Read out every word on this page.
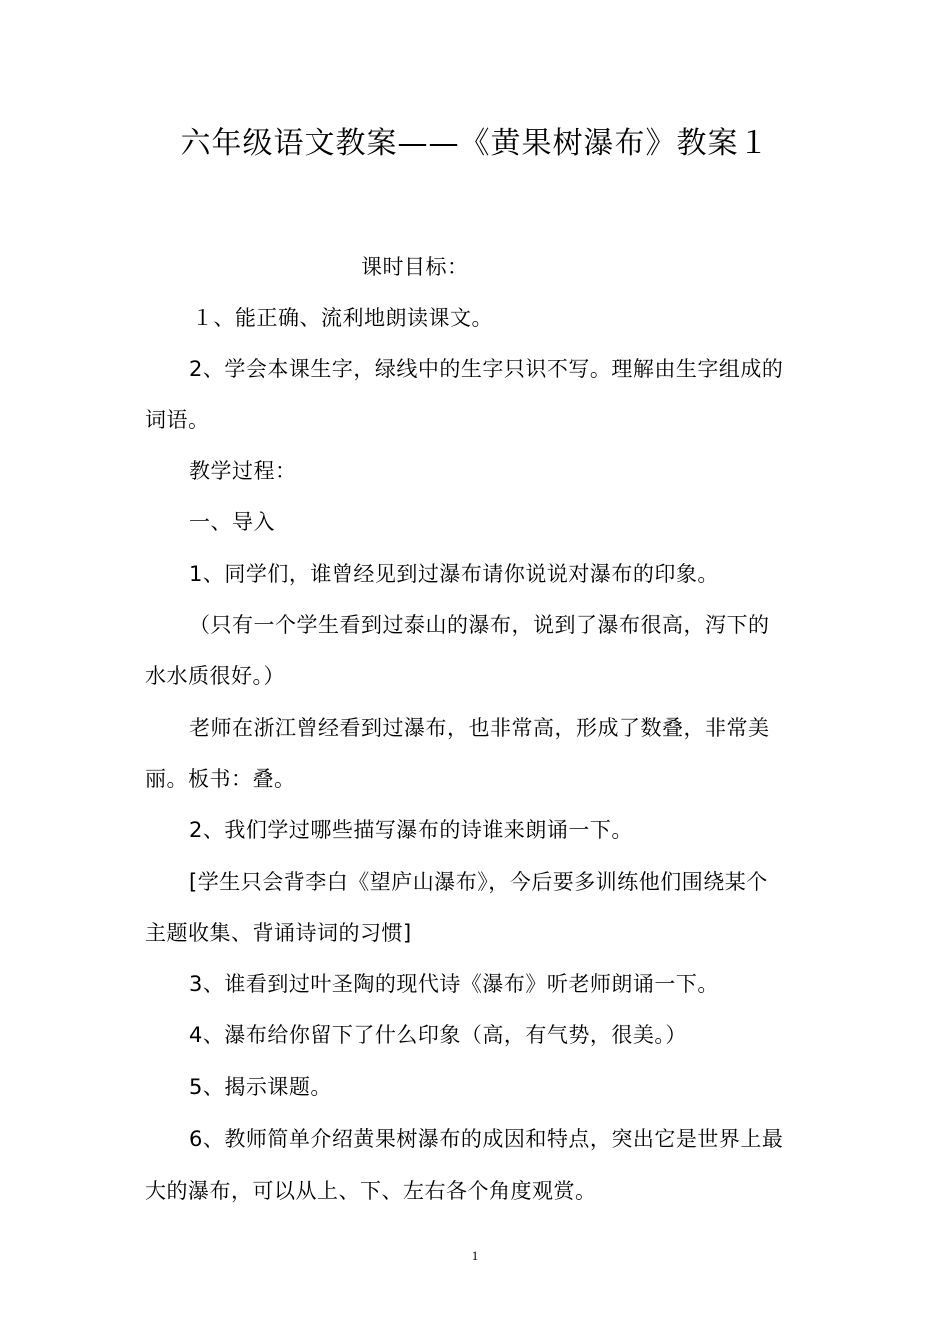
六年级语文教案——《黄果树瀑布》教案１
课时目标：
１、能正确、流利地朗读课文。
2、学会本课生字，绿线中的生字只识不写。理解由生字组成的
词语。
教学过程：
一、导入
1、同学们，谁曾经见到过瀑布请你说说对瀑布的印象。
（只有一个学生看到过泰山的瀑布，说到了瀑布很高，泻下的
水水质很好。）
老师在浙江曾经看到过瀑布，也非常高，形成了数叠，非常美
丽。板书：叠。
2、我们学过哪些描写瀑布的诗谁来朗诵一下。
[学生只会背李白《望庐山瀑布》，今后要多训练他们围绕某个
主题收集、背诵诗词的习惯]
3、谁看到过叶圣陶的现代诗《瀑布》听老师朗诵一下。
4、瀑布给你留下了什么印象（高，有气势，很美。）
5、揭示课题。
6、教师简单介绍黄果树瀑布的成因和特点，突出它是世界上最
大的瀑布，可以从上、下、左右各个角度观赏。
1
